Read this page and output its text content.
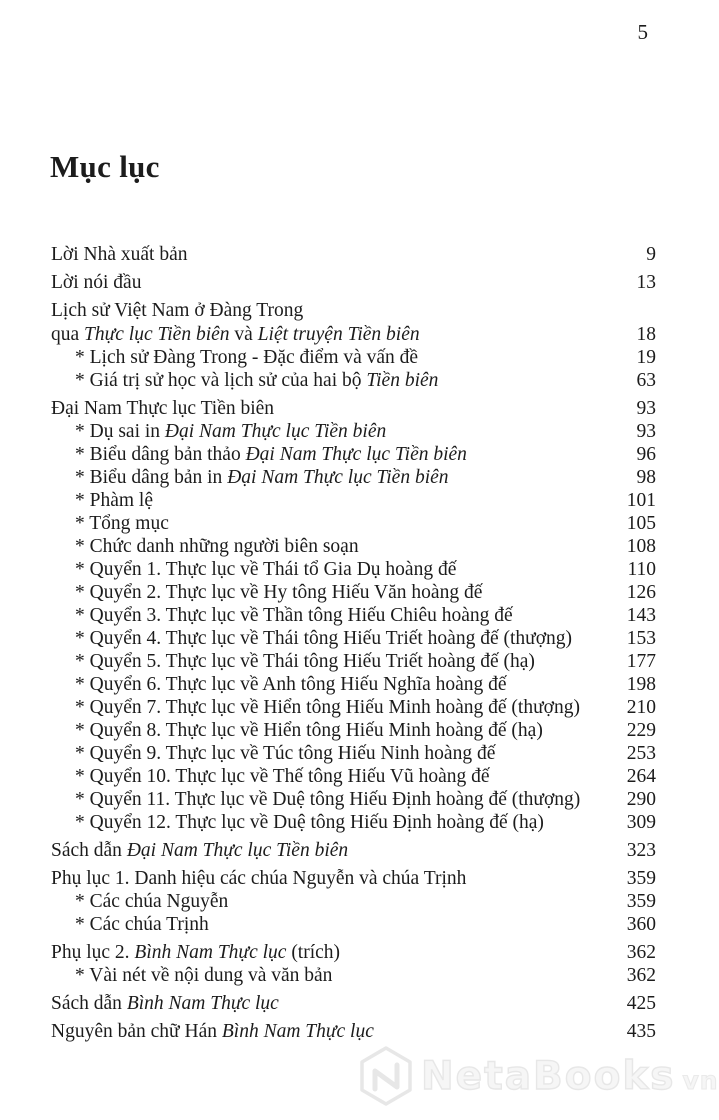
5
Mục lục
Lời Nhà xuất bản	9
Lời nói đầu	13
Lịch sử Việt Nam ở Đàng Trong
qua Thực lục Tiền biên và Liệt truyện Tiền biên	18
* Lịch sử Đàng Trong - Đặc điểm và vấn đề	19
* Giá trị sử học và lịch sử của hai bộ Tiền biên	63
Đại Nam Thực lục Tiền biên	93
* Dụ sai in Đại Nam Thực lục Tiền biên	93
* Biểu dâng bản thảo Đại Nam Thực lục Tiền biên	96
* Biểu dâng bản in Đại Nam Thực lục Tiền biên	98
* Phàm lệ	101
* Tổng mục	105
* Chức danh những người biên soạn	108
* Quyển 1. Thực lục về Thái tổ Gia Dụ hoàng đế	110
* Quyển 2. Thực lục về Hy tông Hiếu Văn hoàng đế	126
* Quyển 3. Thực lục về Thần tông Hiếu Chiêu hoàng đế	143
* Quyển 4. Thực lục về Thái tông Hiếu Triết hoàng đế (thượng)	153
* Quyển 5. Thực lục về Thái tông Hiếu Triết hoàng đế (hạ)	177
* Quyển 6. Thực lục về Anh tông Hiếu Nghĩa hoàng đế	198
* Quyển 7. Thực lục về Hiển tông Hiếu Minh hoàng đế (thượng)	210
* Quyển 8. Thực lục về Hiển tông Hiếu Minh hoàng đế (hạ)	229
* Quyển 9. Thực lục về Túc tông Hiếu Ninh hoàng đế	253
* Quyển 10. Thực lục về Thế tông Hiếu Vũ hoàng đế	264
* Quyển 11. Thực lục về Duệ tông Hiếu Định hoàng đế (thượng)	290
* Quyển 12. Thực lục về Duệ tông Hiếu Định hoàng đế (hạ)	309
Sách dẫn Đại Nam Thực lục Tiền biên	323
Phụ lục 1. Danh hiệu các chúa Nguyễn và chúa Trịnh	359
* Các chúa Nguyễn	359
* Các chúa Trịnh	360
Phụ lục 2. Bình Nam Thực lục (trích)	362
* Vài nét về nội dung và văn bản	362
Sách dẫn Bình Nam Thực lục	425
Nguyên bản chữ Hán Bình Nam Thực lục	435
NetaBooks vn
